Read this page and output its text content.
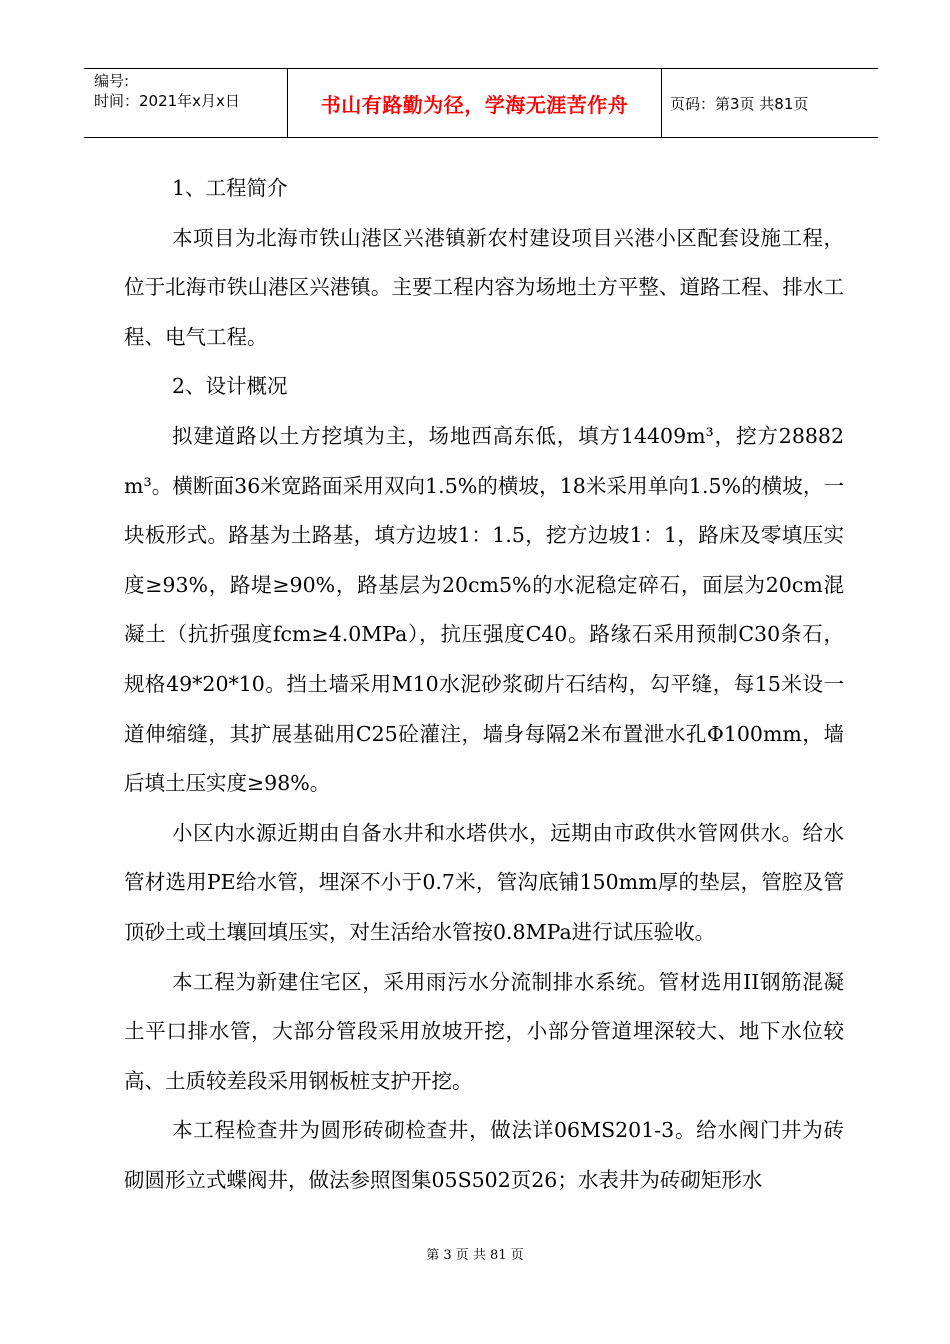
编号:
时间：2021年x月x日	书山有路勤为径，学海无涯苦作舟	页码：第3页 共81页

1、工程简介

本项目为北海市铁山港区兴港镇新农村建设项目兴港小区配套设施工程，位于北海市铁山港区兴港镇。主要工程内容为场地土方平整、道路工程、排水工程、电气工程。

2、设计概况

拟建道路以土方挖填为主，场地西高东低，填方14409m³，挖方28882 m³。横断面36米宽路面采用双向1.5%的横坡，18米采用单向1.5%的横坡，一块板形式。路基为土路基，填方边坡1：1.5，挖方边坡1：1，路床及零填压实度≥93%，路堤≥90%，路基层为20cm5%的水泥稳定碎石，面层为20cm混凝土（抗折强度fcm≥4.0MPa），抗压强度C40。路缘石采用预制C30条石，规格49*20*10。挡土墙采用M10水泥砂浆砌片石结构，勾平缝，每15米设一道伸缩缝，其扩展基础用C25砼灌注，墙身每隔2米布置泄水孔Φ100mm，墙后填土压实度≥98%。

小区内水源近期由自备水井和水塔供水，远期由市政供水管网供水。给水管材选用PE给水管，埋深不小于0.7米，管沟底铺150mm厚的垫层，管腔及管顶砂土或土壤回填压实，对生活给水管按0.8MPa进行试压验收。

本工程为新建住宅区，采用雨污水分流制排水系统。管材选用II钢筋混凝土平口排水管，大部分管段采用放坡开挖，小部分管道埋深较大、地下水位较高、土质较差段采用钢板桩支护开挖。

本工程检查井为圆形砖砌检查井，做法详06MS201-3。给水阀门井为砖砌圆形立式蝶阀井，做法参照图集05S502页26；水表井为砖砌矩形水

第 3 页 共 81 页
